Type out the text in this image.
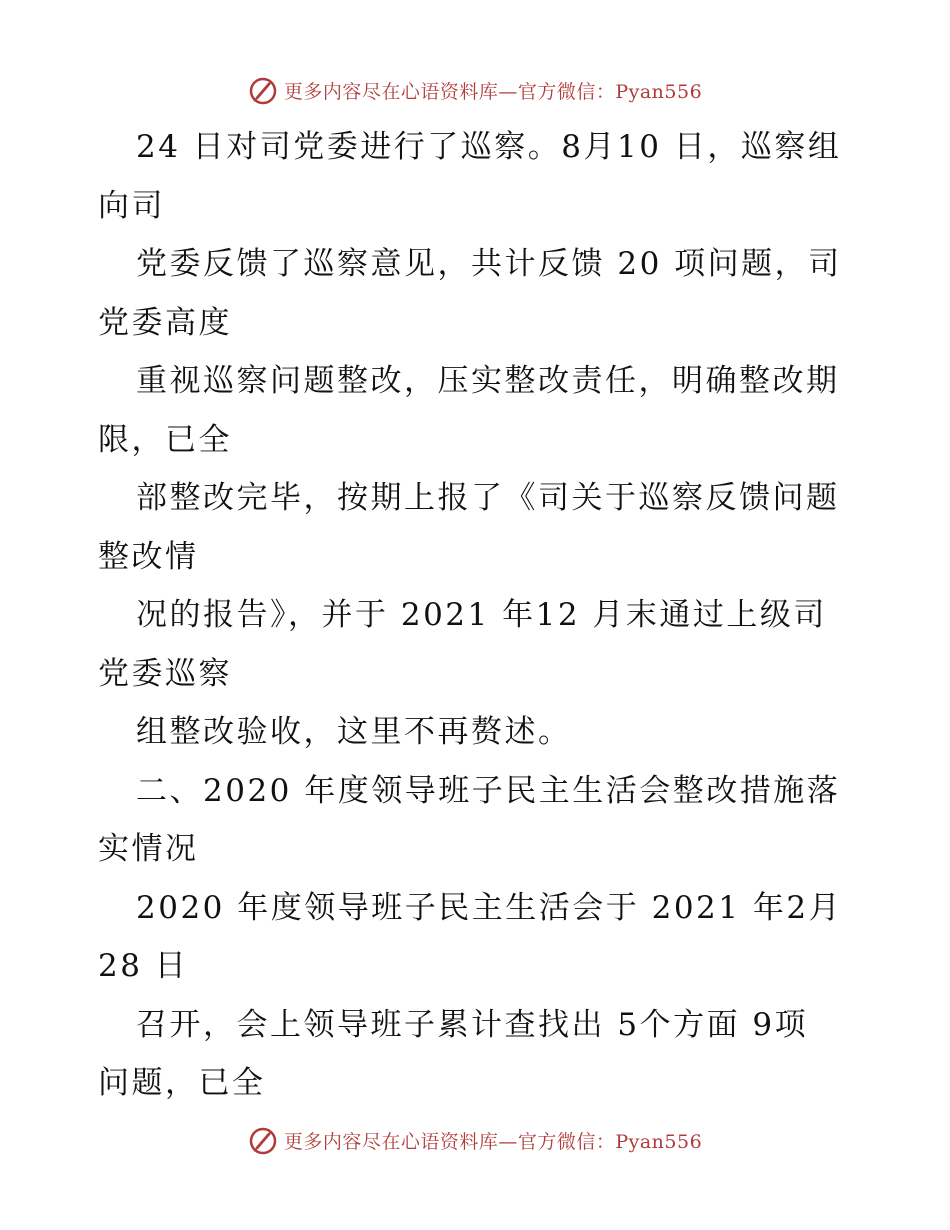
更多内容尽在心语资料库—官方微信：Pyan556
24 日对司党委进行了巡察。8月10 日，巡察组
向司
党委反馈了巡察意见，共计反馈 20 项问题，司
党委高度
重视巡察问题整改，压实整改责任，明确整改期
限，已全
部整改完毕，按期上报了《司关于巡察反馈问题
整改情
况的报告》，并于 2021 年12 月末通过上级司
党委巡察
组整改验收，这里不再赘述。
二、2020 年度领导班子民主生活会整改措施落
实情况
2020 年度领导班子民主生活会于 2021 年2月
28 日
召开，会上领导班子累计查找出 5个方面 9项
问题，已全
更多内容尽在心语资料库—官方微信：Pyan556
